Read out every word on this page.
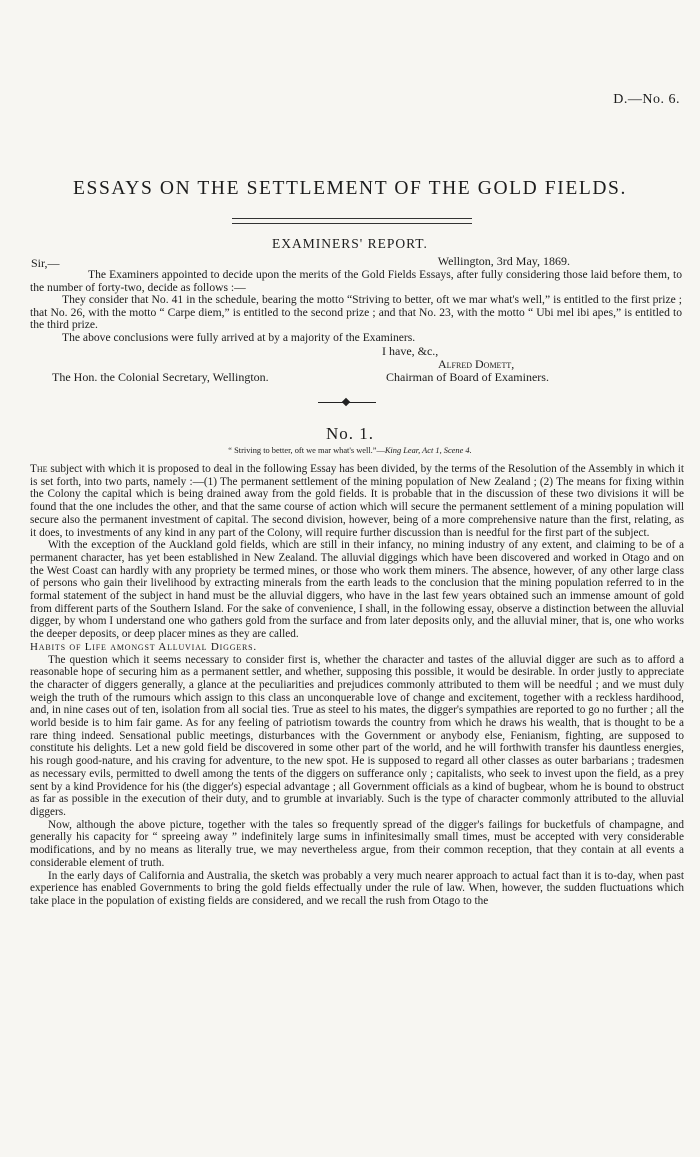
D.—No. 6.
ESSAYS ON THE SETTLEMENT OF THE GOLD FIELDS.
EXAMINERS' REPORT.
Wellington, 3rd May, 1869.
Sir,—

The Examiners appointed to decide upon the merits of the Gold Fields Essays, after fully considering those laid before them, to the number of forty-two, decide as follows :—

They consider that No. 41 in the schedule, bearing the motto “Striving to better, oft we mar what's well,” is entitled to the first prize ; that No. 26, with the motto “ Carpe diem,” is entitled to the second prize ; and that No. 23, with the motto “ Ubi mel ibi apes,” is entitled to the third prize.

The above conclusions were fully arrived at by a majority of the Examiners.

I have, &c.,
Alfred Domett,
The Hon. the Colonial Secretary, Wellington.	Chairman of Board of Examiners.
No. 1.
“ Striving to better, oft we mar what's well.”—King Lear, Act 1, Scene 4.

The subject with which it is proposed to deal in the following Essay has been divided, by the terms of the Resolution of the Assembly in which it is set forth, into two parts, namely :—(1) The permanent settlement of the mining population of New Zealand ; (2) The means for fixing within the Colony the capital which is being drained away from the gold fields. It is probable that in the discussion of these two divisions it will be found that the one includes the other, and that the same course of action which will secure the permanent settlement of a mining population will secure also the permanent investment of capital. The second division, however, being of a more comprehensive nature than the first, relating, as it does, to investments of any kind in any part of the Colony, will require further discussion than is needful for the first part of the subject.

With the exception of the Auckland gold fields, which are still in their infancy, no mining industry of any extent, and claiming to be of a permanent character, has yet been established in New Zealand. The alluvial diggings which have been discovered and worked in Otago and on the West Coast can hardly with any propriety be termed mines, or those who work them miners. The absence, however, of any other large class of persons who gain their livelihood by extracting minerals from the earth leads to the conclusion that the mining population referred to in the formal statement of the subject in hand must be the alluvial diggers, who have in the last few years obtained such an immense amount of gold from different parts of the Southern Island. For the sake of convenience, I shall, in the following essay, observe a distinction between the alluvial digger, by whom I understand one who gathers gold from the surface and from later deposits only, and the alluvial miner, that is, one who works the deeper deposits, or deep placer mines as they are called.

Habits of Life amongst Alluvial Diggers.

The question which it seems necessary to consider first is, whether the character and tastes of the alluvial digger are such as to afford a reasonable hope of securing him as a permanent settler, and whether, supposing this possible, it would be desirable. In order justly to appreciate the character of diggers generally, a glance at the peculiarities and prejudices commonly attributed to them will be needful ; and we must duly weigh the truth of the rumours which assign to this class an unconquerable love of change and excitement, together with a reckless hardihood, and, in nine cases out of ten, isolation from all social ties. True as steel to his mates, the digger's sympathies are reported to go no further ; all the world beside is to him fair game. As for any feeling of patriotism towards the country from which he draws his wealth, that is thought to be a rare thing indeed. Sensational public meetings, disturbances with the Government or anybody else, Fenianism, fighting, are supposed to constitute his delights. Let a new gold field be discovered in some other part of the world, and he will forthwith transfer his dauntless energies, his rough good-nature, and his craving for adventure, to the new spot. He is supposed to regard all other classes as outer barbarians ; tradesmen as necessary evils, permitted to dwell among the tents of the diggers on sufferance only ; capitalists, who seek to invest upon the field, as a prey sent by a kind Providence for his (the digger's) especial advantage ; all Government officials as a kind of bugbear, whom he is bound to obstruct as far as possible in the execution of their duty, and to grumble at invariably. Such is the type of character commonly attributed to the alluvial diggers.

Now, although the above picture, together with the tales so frequently spread of the digger's failings for bucketfuls of champagne, and generally his capacity for “ spreeing away ” indefinitely large sums in infinitesimally small times, must be accepted with very considerable modifications, and by no means as literally true, we may nevertheless argue, from their common reception, that they contain at all events a considerable element of truth.

In the early days of California and Australia, the sketch was probably a very much nearer approach to actual fact than it is to-day, when past experience has enabled Governments to bring the gold fields effectually under the rule of law. When, however, the sudden fluctuations which take place in the population of existing fields are considered, and we recall the rush from Otago to the
